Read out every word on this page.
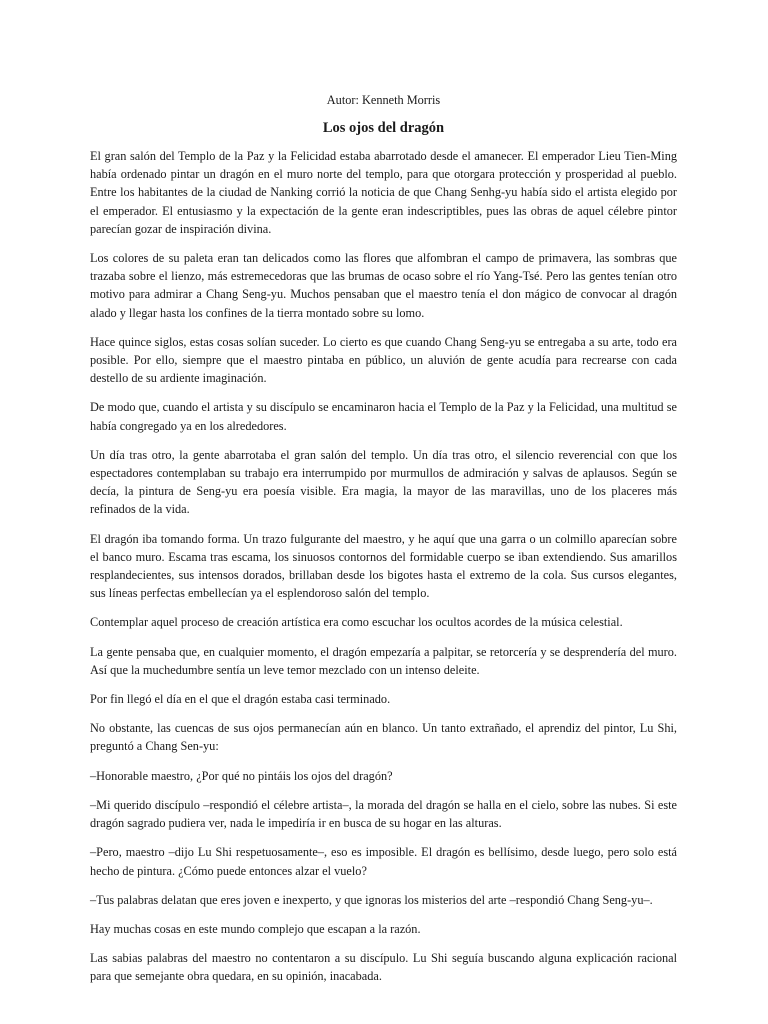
Autor: Kenneth Morris
Los ojos del dragón

El gran salón del Templo de la Paz y la Felicidad estaba abarrotado desde el amanecer. El emperador Lieu Tien-Ming había ordenado pintar un dragón en el muro norte del templo, para que otorgara protección y prosperidad al pueblo. Entre los habitantes de la ciudad de Nanking corrió la noticia de que Chang Senhg-yu había sido el artista elegido por el emperador. El entusiasmo y la expectación de la gente eran indescriptibles, pues las obras de aquel célebre pintor parecían gozar de inspiración divina.

Los colores de su paleta eran tan delicados como las flores que alfombran el campo de primavera, las sombras que trazaba sobre el lienzo, más estremecedoras que las brumas de ocaso sobre el río Yang-Tsé. Pero las gentes tenían otro motivo para admirar a Chang Seng-yu. Muchos pensaban que el maestro tenía el don mágico de convocar al dragón alado y llegar hasta los confines de la tierra montado sobre su lomo.

Hace quince siglos, estas cosas solían suceder. Lo cierto es que cuando Chang Seng-yu se entregaba a su arte, todo era posible. Por ello, siempre que el maestro pintaba en público, un aluvión de gente acudía para recrearse con cada destello de su ardiente imaginación.

De modo que, cuando el artista y su discípulo se encaminaron hacia el Templo de la Paz y la Felicidad, una multitud se había congregado ya en los alrededores.

Un día tras otro, la gente abarrotaba el gran salón del templo. Un día tras otro, el silencio reverencial con que los espectadores contemplaban su trabajo era interrumpido por murmullos de admiración y salvas de aplausos. Según se decía, la pintura de Seng-yu era poesía visible. Era magia, la mayor de las maravillas, uno de los placeres más refinados de la vida.

El dragón iba tomando forma. Un trazo fulgurante del maestro, y he aquí que una garra o un colmillo aparecían sobre el banco muro. Escama tras escama, los sinuosos contornos del formidable cuerpo se iban extendiendo. Sus amarillos resplandecientes, sus intensos dorados, brillaban desde los bigotes hasta el extremo de la cola. Sus cursos elegantes, sus líneas perfectas embellecían ya el esplendoroso salón del templo.

Contemplar aquel proceso de creación artística era como escuchar los ocultos acordes de la música celestial.

La gente pensaba que, en cualquier momento, el dragón empezaría a palpitar, se retorcería y se desprendería del muro. Así que la muchedumbre sentía un leve temor mezclado con un intenso deleite.

Por fin llegó el día en el que el dragón estaba casi terminado.

No obstante, las cuencas de sus ojos permanecían aún en blanco. Un tanto extrañado, el aprendiz del pintor, Lu Shi, preguntó a Chang Sen-yu:

–Honorable maestro, ¿Por qué no pintáis los ojos del dragón?

–Mi querido discípulo –respondió el célebre artista–, la morada del dragón se halla en el cielo, sobre las nubes. Si este dragón sagrado pudiera ver, nada le impediría ir en busca de su hogar en las alturas.

–Pero, maestro –dijo Lu Shi respetuosamente–, eso es imposible. El dragón es bellísimo, desde luego, pero solo está hecho de pintura. ¿Cómo puede entonces alzar el vuelo?

–Tus palabras delatan que eres joven e inexperto, y que ignoras los misterios del arte –respondió Chang Seng-yu–.

Hay muchas cosas en este mundo complejo que escapan a la razón.

Las sabias palabras del maestro no contentaron a su discípulo. Lu Shi seguía buscando alguna explicación racional para que semejante obra quedara, en su opinión, inacabada.
